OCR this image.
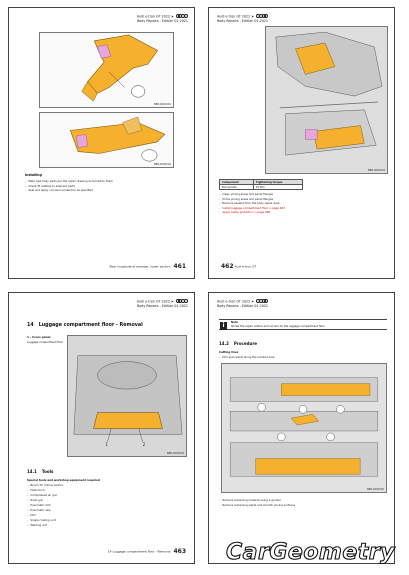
Audi e-tron GT 2022 ➤
Body Repairs - Edition 01.2021
B8B-0000001
B8B-0000002
Installing
– Weld new body parts per the repair drawing and position them
– Check fit relative to adjacent parts
– Seal and apply corrosion protection as specified
Rear longitudinal member, lower section 461
Audi e-tron GT 2022 ➤
Body Repairs - Edition 01.2021
B8B-0000003
Component	Tightening torque
Fixing bolts	25 Nm
– Clean joining areas and panel flanges
– Prime joining areas and panel flanges
– Remove sealant from the body repair area
– Install luggage compartment floor ⇒ page 463
– Apply cavity protection ⇒ page 466
462 Audi e-tron GT
Audi e-tron GT 2022 ➤
Body Repairs - Edition 01.2021
14 Luggage compartment floor - Removal
1 - Cross panel
Luggage compartment floor
1	2
B8B-0000004
14.1 Tools
Special tools and workshop equipment required
– Bench for hollow section
– Heat torch
– Compressed air gun
– Rivet gun
– Pneumatic drill
– Pneumatic saw
– Drill
– Single riveting unit
– Welding unit
14 Luggage compartment floor - Removal 463
Audi e-tron GT 2022 ➤
Body Repairs - Edition 01.2021
i	Note
Shows the repair outline and cut line for the luggage compartment floor.
14.2 Procedure
Cutting lines
– Drill spot welds along the marked area
B8B-0000005
– Remove remaining material using a grinder
– Remove remaining welds and smooth joining surfaces
CarGeometry
